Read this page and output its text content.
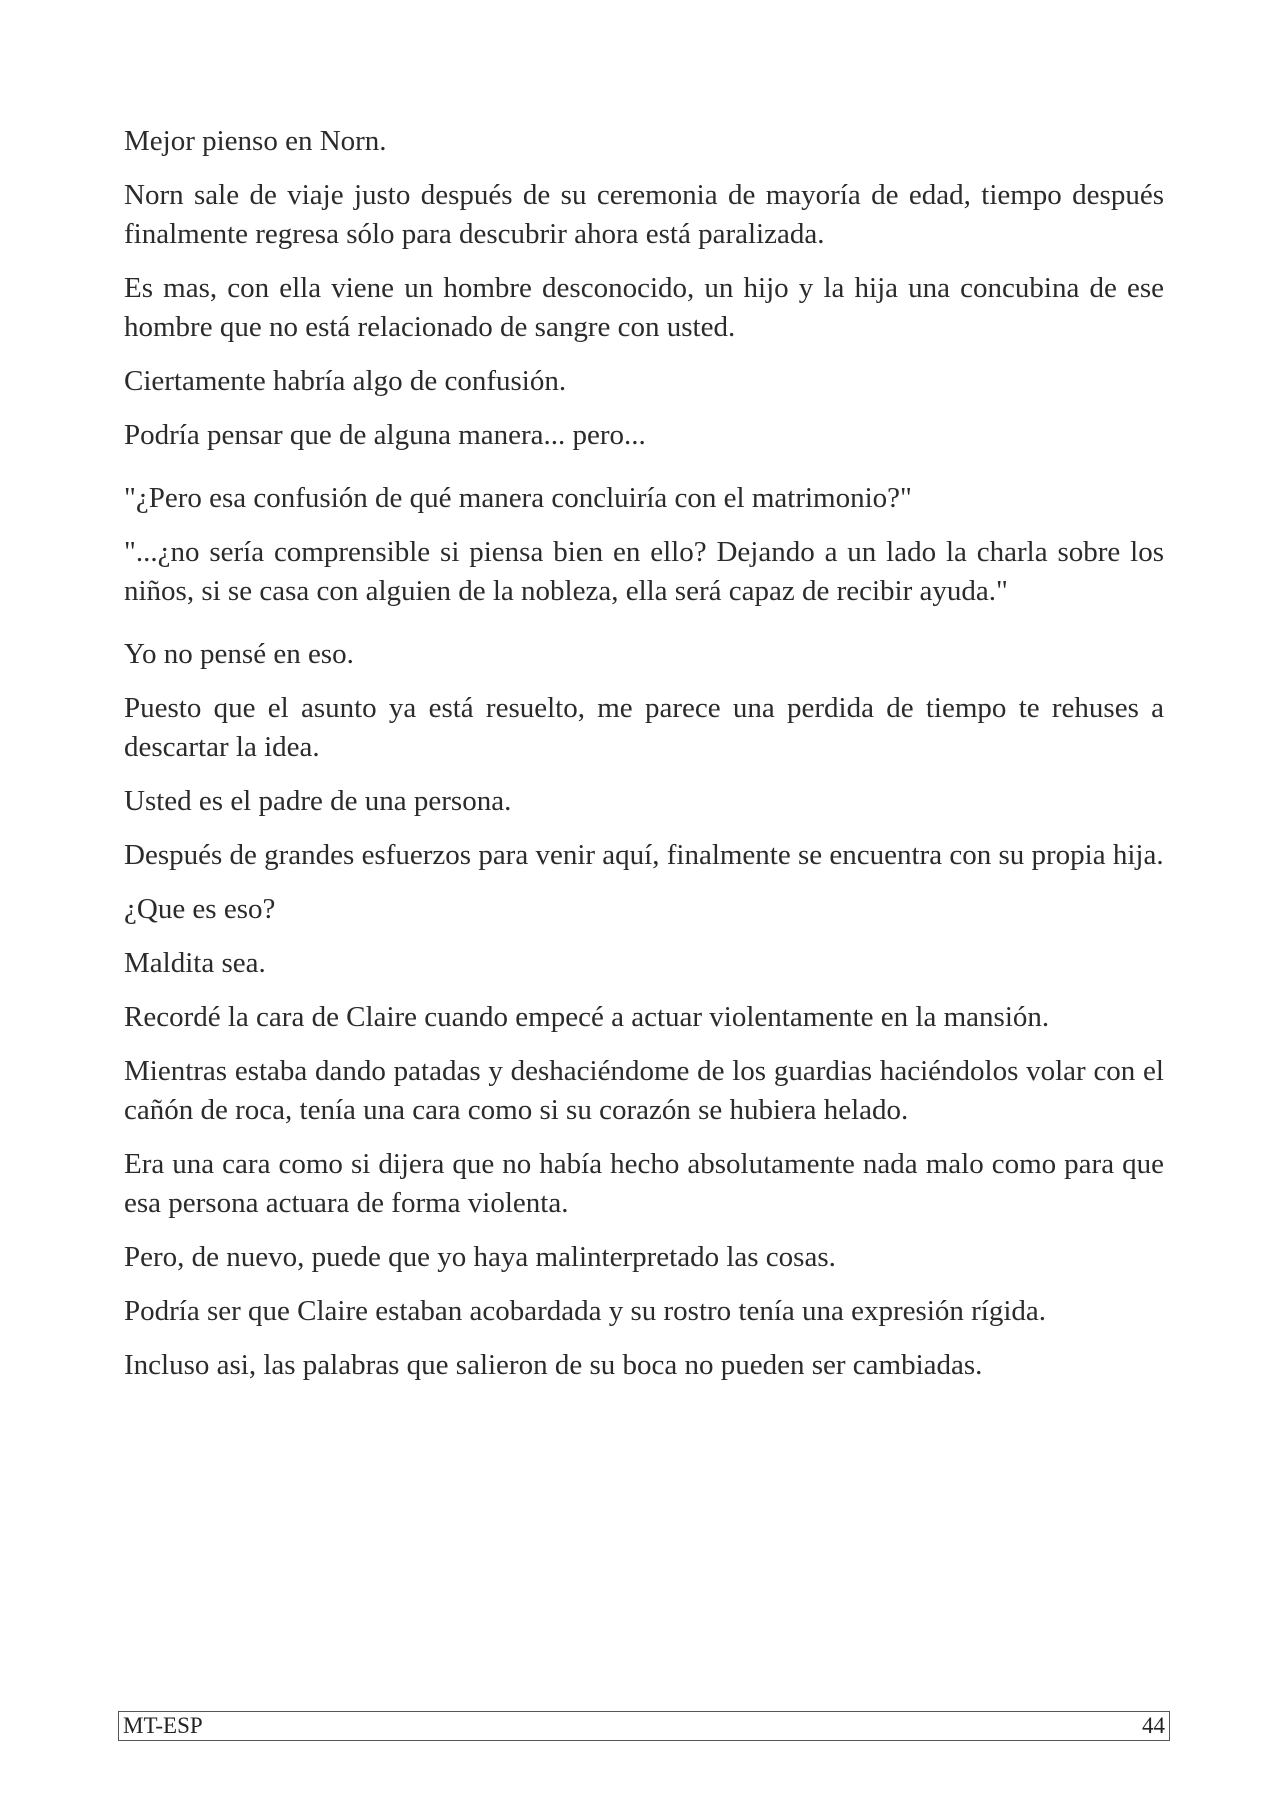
Mejor pienso en Norn.

Norn sale de viaje justo después de su ceremonia de mayoría de edad, tiempo después finalmente regresa sólo para descubrir ahora está paralizada.

Es mas, con ella viene un hombre desconocido, un hijo y la hija una concubina de ese hombre que no está relacionado de sangre con usted.

Ciertamente habría algo de confusión.

Podría pensar que de alguna manera... pero...

"¿Pero esa confusión de qué manera concluiría con el matrimonio?"

"...¿no sería comprensible si piensa bien en ello? Dejando a un lado la charla sobre los niños, si se casa con alguien de la nobleza, ella será capaz de recibir ayuda."

Yo no pensé en eso.

Puesto que el asunto ya está resuelto, me parece una perdida de tiempo te rehuses a descartar la idea.

Usted es el padre de una persona.

Después de grandes esfuerzos para venir aquí, finalmente se encuentra con su propia hija.

¿Que es eso?

Maldita sea.

Recordé la cara de Claire cuando empecé a actuar violentamente en la mansión.

Mientras estaba dando patadas y deshaciéndome de los guardias haciéndolos volar con el cañón de roca, tenía una cara como si su corazón se hubiera helado.

Era una cara como si dijera que no había hecho absolutamente nada malo como para que esa persona actuara de forma violenta.

Pero, de nuevo, puede que yo haya malinterpretado las cosas.

Podría ser que Claire estaban acobardada y su rostro tenía una expresión rígida.

Incluso asi, las palabras que salieron de su boca no pueden ser cambiadas.

MT-ESP	44
